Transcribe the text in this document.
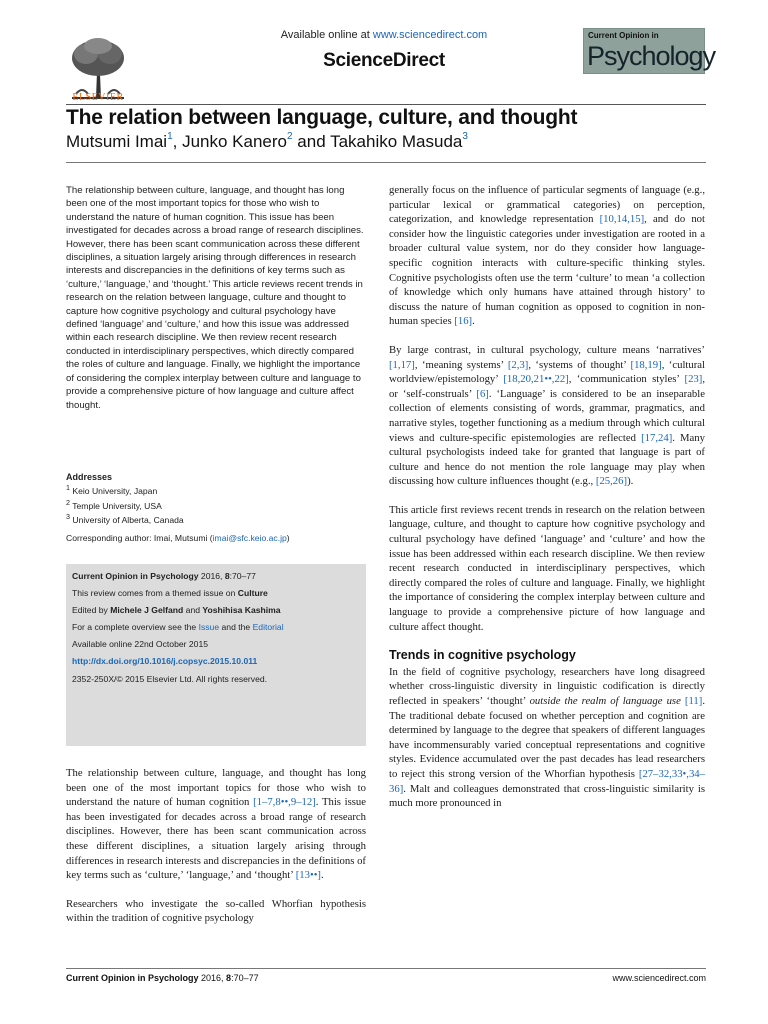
ELSEVIER
Available online at www.sciencedirect.com
ScienceDirect
Current Opinion in
Psychology
The relation between language, culture, and thought
Mutsumi Imai$^1$, Junko Kanero$^2$ and Takahiko Masuda$^3$
The relationship between culture, language, and thought has long been one of the most important topics for those who wish to understand the nature of human cognition. This issue has been investigated for decades across a broad range of research disciplines. However, there has been scant communication across these different disciplines, a situation largely arising through differences in research interests and discrepancies in the definitions of key terms such as ‘culture,’ ‘language,’ and ‘thought.’ This article reviews recent trends in research on the relation between language, culture and thought to capture how cognitive psychology and cultural psychology have defined ‘language’ and ‘culture,’ and how this issue was addressed within each research discipline. We then review recent research conducted in interdisciplinary perspectives, which directly compared the roles of culture and language. Finally, we highlight the importance of considering the complex interplay between culture and language to provide a comprehensive picture of how language and culture affect thought.
Addresses
$^1$ Keio University, Japan
$^2$ Temple University, USA
$^3$ University of Alberta, Canada
Corresponding author: Imai, Mutsumi (imai@sfc.keio.ac.jp)

Current Opinion in Psychology 2016, 8:70–77

This review comes from a themed issue on Culture

Edited by Michele J Gelfand and Yoshihisa Kashima

For a complete overview see the Issue and the Editorial

Available online 22nd October 2015

http://dx.doi.org/10.1016/j.copsyc.2015.10.011

2352-250X/© 2015 Elsevier Ltd. All rights reserved.

The relationship between culture, language, and thought has long been one of the most important topics for those who wish to understand the nature of human cognition [1–7,8••,9–12]. This issue has been investigated for decades across a broad range of research disciplines. However, there has been scant communication across these different disciplines, a situation largely arising through differences in research interests and discrepancies in the definitions of key terms such as ‘culture,’ ‘language,’ and ‘thought’ [13••].

Researchers who investigate the so-called Whorfian hypothesis within the tradition of cognitive psychology

generally focus on the influence of particular segments of language (e.g., particular lexical or grammatical categories) on perception, categorization, and knowledge representation [10,14,15], and do not consider how the linguistic categories under investigation are rooted in a broader cultural value system, nor do they consider how language-specific cognition interacts with culture-specific thinking styles. Cognitive psychologists often use the term ‘culture’ to mean ‘a collection of knowledge which only humans have attained through history’ to discuss the nature of human cognition as opposed to cognition in non-human species [16].

By large contrast, in cultural psychology, culture means ‘narratives’ [1,17], ‘meaning systems’ [2,3], ‘systems of thought’ [18,19], ‘cultural worldview/epistemology’ [18,20,21••,22], ‘communication styles’ [23], or ‘self-construals’ [6]. ‘Language’ is considered to be an inseparable collection of elements consisting of words, grammar, pragmatics, and narrative styles, together functioning as a medium through which cultural views and culture-specific epistemologies are reflected [17,24]. Many cultural psychologists indeed take for granted that language is part of culture and hence do not mention the role language may play when discussing how culture influences thought (e.g., [25,26]).

This article first reviews recent trends in research on the relation between language, culture, and thought to capture how cognitive psychology and cultural psychology have defined ‘language’ and ‘culture’ and how the issue has been addressed within each research discipline. We then review recent research conducted in interdisciplinary perspectives, which directly compared the roles of culture and language. Finally, we highlight the importance of considering the complex interplay between culture and language to provide a comprehensive picture of how language and culture affect thought.

Trends in cognitive psychology

In the field of cognitive psychology, researchers have long disagreed whether cross-linguistic diversity in linguistic codification is directly reflected in speakers’ ‘thought’ outside the realm of language use [11]. The traditional debate focused on whether perception and cognition are determined by language to the degree that speakers of different languages have incommensurably varied conceptual representations and cognitive styles. Evidence accumulated over the past decades has lead researchers to reject this strong version of the Whorfian hypothesis [27–32,33•,34–36]. Malt and colleagues demonstrated that cross-linguistic similarity is much more pronounced in

Current Opinion in Psychology 2016, 8:70–77	www.sciencedirect.com
